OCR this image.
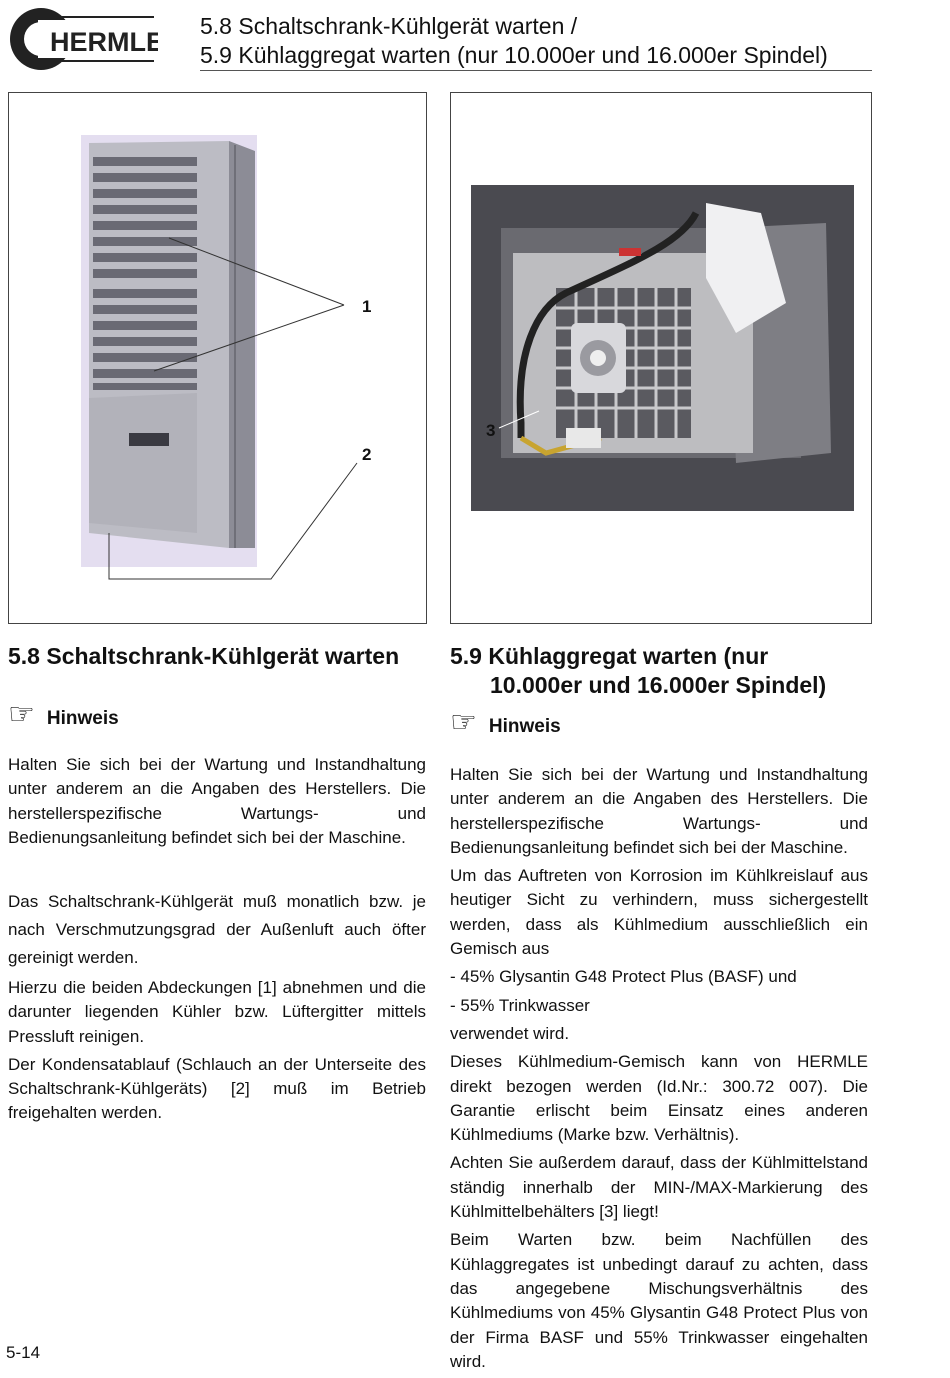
HERMLE
5.8 Schaltschrank-Kühlgerät warten /
5.9 Kühlaggregat warten (nur 10.000er und 16.000er Spindel)
1
2
3
5.8 Schaltschrank-Kühlgerät warten
☞ Hinweis

Halten Sie sich bei der Wartung und Instandhaltung unter anderem an die Angaben des Herstellers. Die herstellerspezifische Wartungs- und Bedienungsanleitung befindet sich bei der Maschine.

Das Schaltschrank-Kühlgerät muß monatlich bzw. je nach Verschmutzungsgrad der Außenluft auch öfter gereinigt werden.

Hierzu die beiden Abdeckungen [1] abnehmen und die darunter liegenden Kühler bzw. Lüftergitter mittels Pressluft reinigen.

Der Kondensatablauf (Schlauch an der Unterseite des Schaltschrank-Kühlgeräts) [2] muß im Betrieb freigehalten werden.

5.9 Kühlaggregat warten (nur
10.000er und 16.000er Spindel)
☞ Hinweis

Halten Sie sich bei der Wartung und Instandhaltung unter anderem an die Angaben des Herstellers. Die herstellerspezifische Wartungs- und Bedienungsanleitung befindet sich bei der Maschine.

Um das Auftreten von Korrosion im Kühlkreislauf aus heutiger Sicht zu verhindern, muss sichergestellt werden, dass als Kühlmedium ausschließlich ein Gemisch aus

- 45% Glysantin G48 Protect Plus (BASF) und
- 55% Trinkwasser

verwendet wird.

Dieses Kühlmedium-Gemisch kann von HERMLE direkt bezogen werden (Id.Nr.: 300.72 007). Die Garantie erlischt beim Einsatz eines anderen Kühlmediums (Marke bzw. Verhältnis).

Achten Sie außerdem darauf, dass der Kühlmittelstand ständig innerhalb der MIN-/MAX-Markierung des Kühlmittelbehälters [3] liegt!

Beim Warten bzw. beim Nachfüllen des Kühlaggregates ist unbedingt darauf zu achten, dass das angegebene Mischungsverhältnis des Kühlmediums von 45% Glysantin G48 Protect Plus von der Firma BASF und 55% Trinkwasser eingehalten wird.

5-14
